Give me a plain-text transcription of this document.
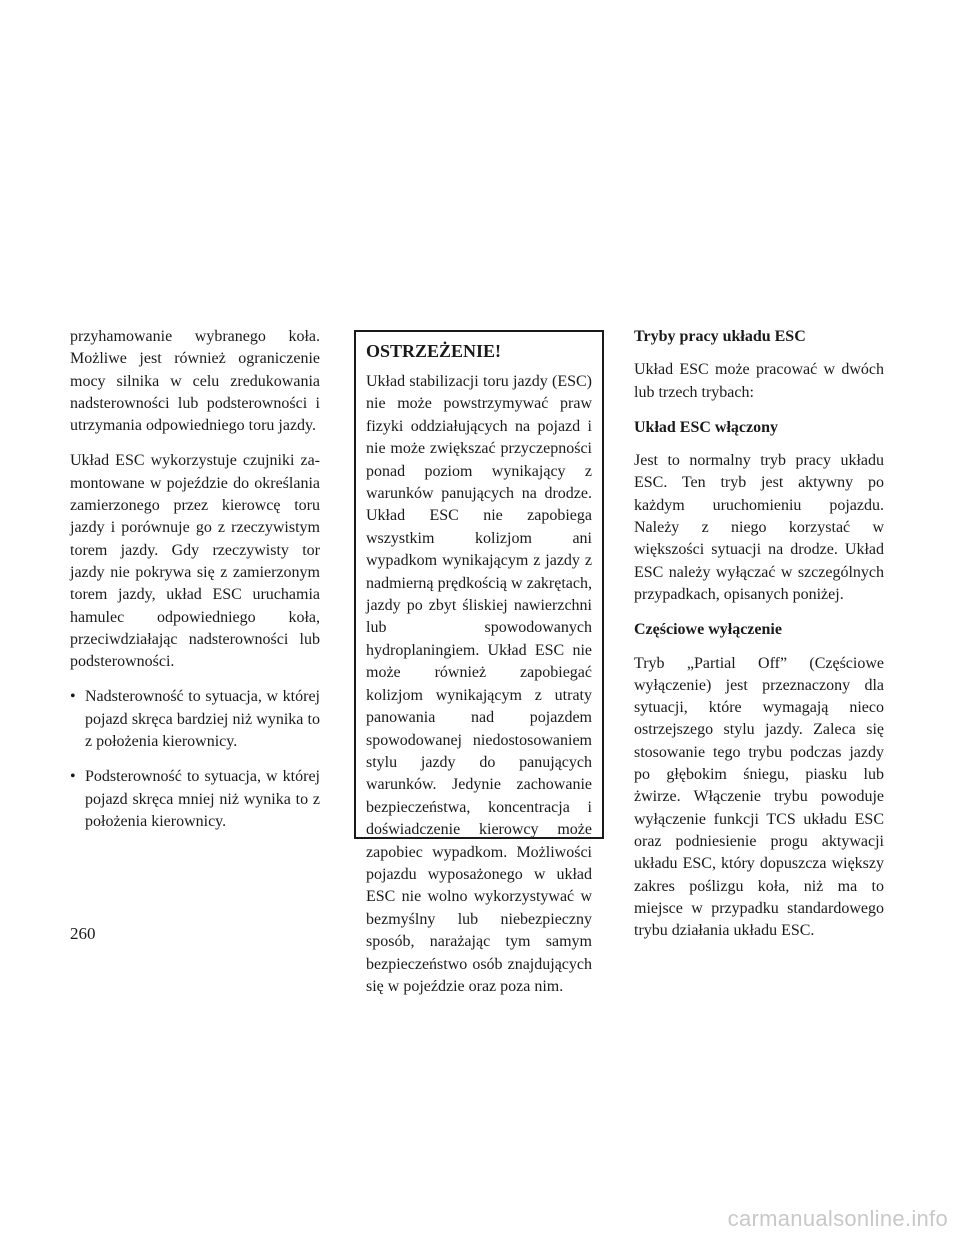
przyhamowanie wybranego koła. Możliwe jest również ograniczenie mocy silnika w celu zredukowania nadsterowności lub podsterowności i utrzymania odpowiedniego toru jazdy.

Układ ESC wykorzystuje czujniki zamontowane w pojeździe do określania zamierzonego przez kierowcę toru jazdy i porównuje go z rzeczywistym torem jazdy. Gdy rzeczywisty tor jazdy nie pokrywa się z zamierzonym torem jazdy, układ ESC uruchamia hamulec odpowiedniego koła, przeciwdziałając nadsterowności lub podsterowności.

• Nadsterowność to sytuacja, w której pojazd skręca bardziej niż wynika to z położenia kierownicy.

• Podsterowność to sytuacja, w której pojazd skręca mniej niż wynika to z położenia kierownicy.

OSTRZEŻENIE!

Układ stabilizacji toru jazdy (ESC) nie może powstrzymywać praw fizyki oddziałujących na pojazd i nie może zwiększać przyczepności ponad poziom wynikający z warunków panujących na drodze. Układ ESC nie zapobiega wszystkim kolizjom ani wypadkom wynikającym z jazdy z nadmierną prędkością w zakrętach, jazdy po zbyt śliskiej nawierzchni lub spowodowanych hydroplaningiem. Układ ESC nie może również zapobiegać kolizjom wynikającym z utraty panowania nad pojazdem spowodowanej niedostosowaniem stylu jazdy do panujących warunków. Jedynie zachowanie bezpieczeństwa, koncentracja i doświadczenie kierowcy może zapobiec wypadkom. Możliwości pojazdu wyposażonego w układ ESC nie wolno wykorzystywać w bezmyślny lub niebezpieczny sposób, narażając tym samym bezpieczeństwo osób znajdujących się w pojeździe oraz poza nim.

Tryby pracy układu ESC

Układ ESC może pracować w dwóch lub trzech trybach:

Układ ESC włączony

Jest to normalny tryb pracy układu ESC. Ten tryb jest aktywny po każdym uruchomieniu pojazdu. Należy z niego korzystać w większości sytuacji na drodze. Układ ESC należy wyłączać w szczególnych przypadkach, opisanych poniżej.

Częściowe wyłączenie

Tryb „Partial Off” (Częściowe wyłączenie) jest przeznaczony dla sytuacji, które wymagają nieco ostrzejszego stylu jazdy. Zaleca się stosowanie tego trybu podczas jazdy po głębokim śniegu, piasku lub żwirze. Włączenie trybu powoduje wyłączenie funkcji TCS układu ESC oraz podniesienie progu aktywacji układu ESC, który dopuszcza większy zakres poślizgu koła, niż ma to miejsce w przypadku standardowego trybu działania układu ESC.

260
carmanualsonline.info
